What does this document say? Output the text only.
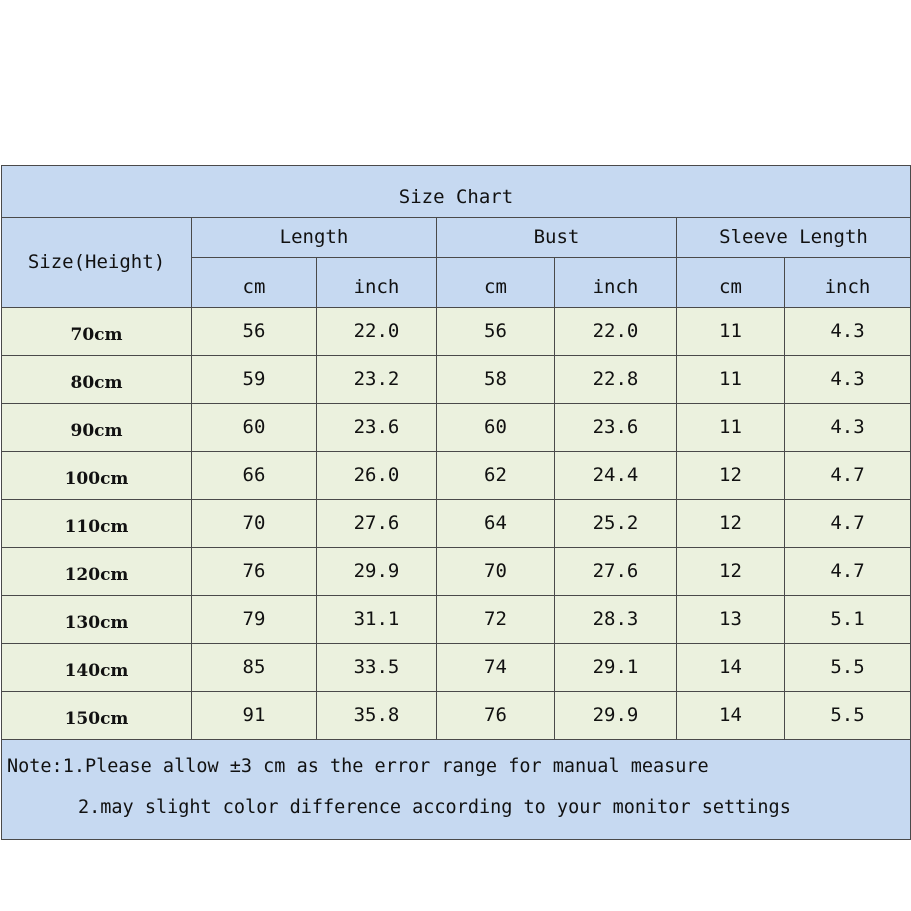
Size Chart						
Size(Height)	Length		Bust		Sleeve Length	
	cm	inch	cm	inch	cm	inch
70cm	56	22.0	56	22.0	11	4.3
80cm	59	23.2	58	22.8	11	4.3
90cm	60	23.6	60	23.6	11	4.3
100cm	66	26.0	62	24.4	12	4.7
110cm	70	27.6	64	25.2	12	4.7
120cm	76	29.9	70	27.6	12	4.7
130cm	79	31.1	72	28.3	13	5.1
140cm	85	33.5	74	29.1	14	5.5
150cm	91	35.8	76	29.9	14	5.5

Note:1.Please allow ±3 cm as the error range for manual measure
2.may slight color difference according to your monitor settings						
